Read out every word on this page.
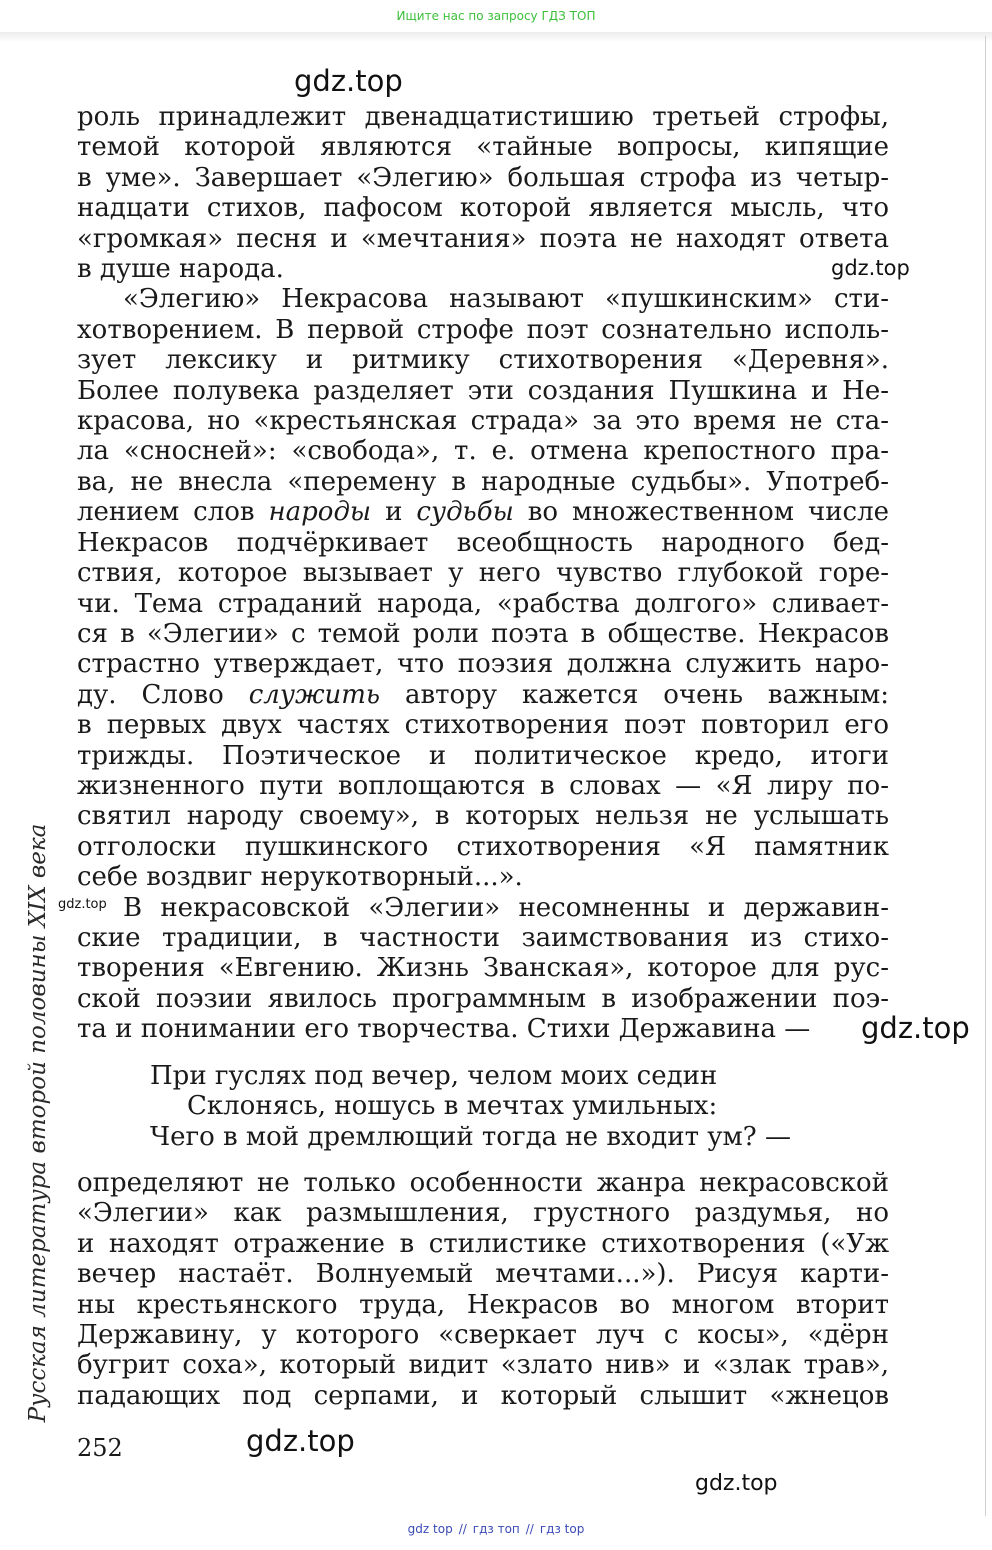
Ищите нас по запросу ГДЗ ТОП
роль принадлежит двенадцатистишию третьей строфы,
темой которой являются «тайные вопросы, кипящие
в уме». Завершает «Элегию» большая строфа из четыр-
надцати стихов, пафосом которой является мысль, что
«громкая» песня и «мечтания» поэта не находят ответа
в душе народа.
«Элегию» Некрасова называют «пушкинским» сти-
хотворением. В первой строфе поэт сознательно исполь-
зует лексику и ритмику стихотворения «Деревня».
Более полувека разделяет эти создания Пушкина и Не-
красова, но «крестьянская страда» за это время не ста-
ла «сносней»: «свобода», т. е. отмена крепостного пра-
ва, не внесла «перемену в народные судьбы». Употреб-
лением слов народы и судьбы во множественном числе
Некрасов подчёркивает всеобщность народного бед-
ствия, которое вызывает у него чувство глубокой горе-
чи. Тема страданий народа, «рабства долгого» сливает-
ся в «Элегии» с темой роли поэта в обществе. Некрасов
страстно утверждает, что поэзия должна служить наро-
ду. Слово служить автору кажется очень важным:
в первых двух частях стихотворения поэт повторил его
трижды. Поэтическое и политическое кредо, итоги
жизненного пути воплощаются в словах — «Я лиру по-
святил народу своему», в которых нельзя не услышать
отголоски пушкинского стихотворения «Я памятник
себе воздвиг нерукотворный...».
В некрасовской «Элегии» несомненны и державин-
ские традиции, в частности заимствования из стихо-
творения «Евгению. Жизнь Званская», которое для рус-
ской поэзии явилось программным в изображении поэ-
та и понимании его творчества. Стихи Державина —
При гуслях под вечер, челом моих седин
Склонясь, ношусь в мечтах умильных:
Чего в мой дремлющий тогда не входит ум? —
определяют не только особенности жанра некрасовской
«Элегии» как размышления, грустного раздумья, но
и находят отражение в стилистике стихотворения («Уж
вечер настаёт. Волнуемый мечтами...»). Рисуя карти-
ны крестьянского труда, Некрасов во многом вторит
Державину, у которого «сверкает луч с косы», «дёрн
бугрит соха», который видит «злато нив» и «злак трав»,
падающих под серпами, и который слышит «жнецов
Русская литература второй половины XIX века
252
gdz.top
gdz.top
gdz.top
gdz.top
gdz.top
gdz.top
gdz top // гдз топ // гдз top
